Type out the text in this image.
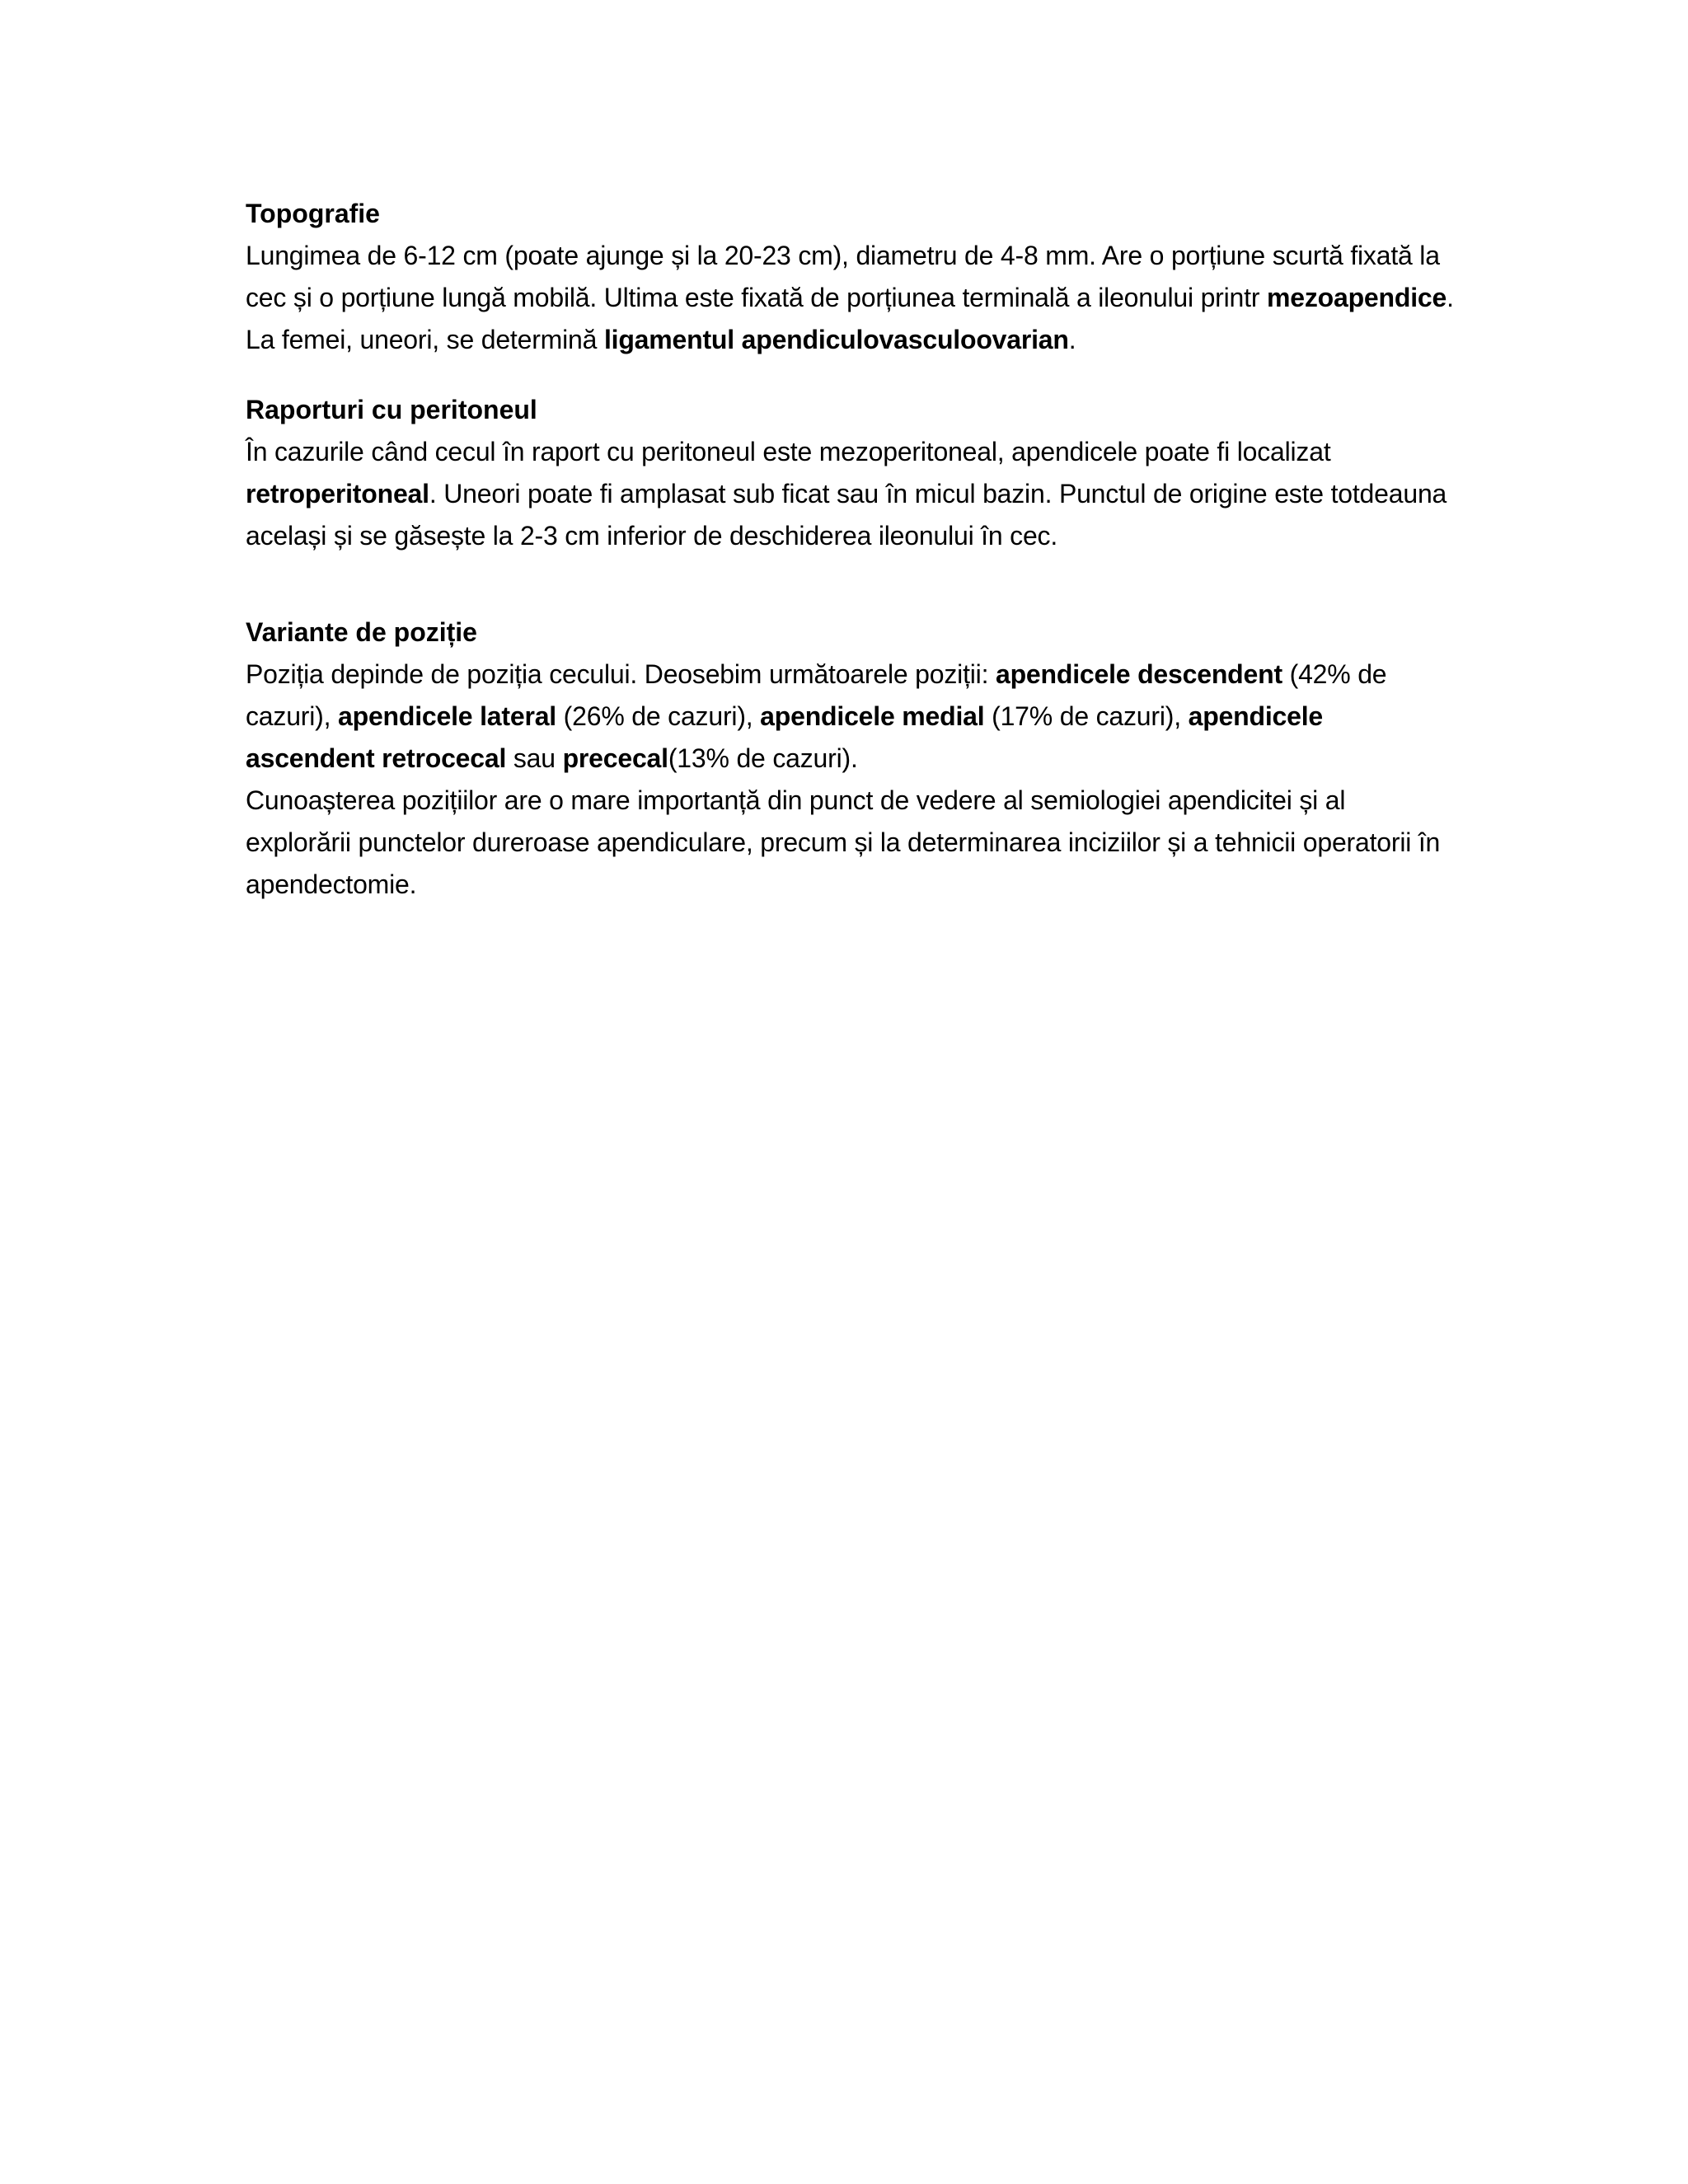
Topografie

Lungimea de 6-12 cm (poate ajunge și la 20-23 cm), diametru de 4-8 mm. Are o porțiune scurtă fixată la cec și o porțiune lungă mobilă. Ultima este fixată de porțiunea terminală a ileonului printr mezoapendice. La femei, uneori, se determină ligamentul apendiculovasculoovarian.

Raporturi cu peritoneul

În cazurile când cecul în raport cu peritoneul este mezoperitoneal, apendicele poate fi localizat retroperitoneal. Uneori poate fi amplasat sub ficat sau în micul bazin. Punctul de origine este totdeauna același și se găsește la 2-3 cm inferior de deschiderea ileonului în cec.

Variante de poziție

Poziția depinde de poziția cecului. Deosebim următoarele poziții: apendicele descendent (42% de cazuri), apendicele lateral (26% de cazuri), apendicele medial (17% de cazuri), apendicele ascendent retrocecal sau prececal(13% de cazuri).

Cunoașterea pozițiilor are o mare importanță din punct de vedere al semiologiei apendicitei și al explorării punctelor dureroase apendiculare, precum și la determinarea inciziilor și a tehnicii operatorii în apendectomie.
